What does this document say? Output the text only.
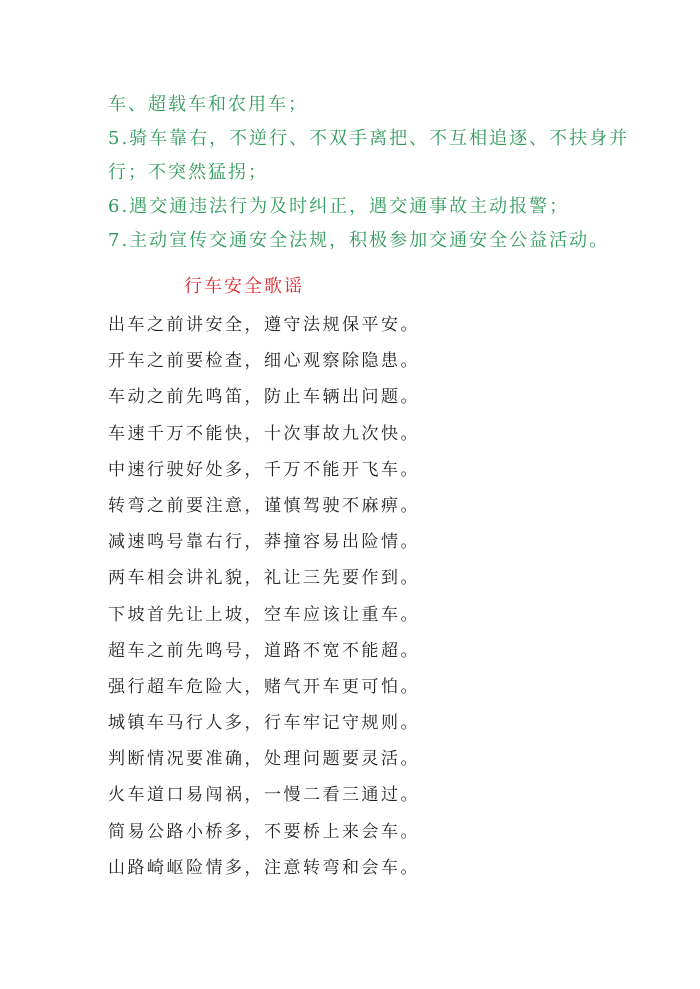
车、超载车和农用车；
5.骑车靠右，不逆行、不双手离把、不互相追逐、不扶身并
行；不突然猛拐；
6.遇交通违法行为及时纠正，遇交通事故主动报警；
7.主动宣传交通安全法规，积极参加交通安全公益活动。
行车安全歌谣
出车之前讲安全，遵守法规保平安。
开车之前要检查，细心观察除隐患。
车动之前先鸣笛，防止车辆出问题。
车速千万不能快，十次事故九次快。
中速行驶好处多，千万不能开飞车。
转弯之前要注意，谨慎驾驶不麻痹。
减速鸣号靠右行，莽撞容易出险情。
两车相会讲礼貌，礼让三先要作到。
下坡首先让上坡，空车应该让重车。
超车之前先鸣号，道路不宽不能超。
强行超车危险大，赌气开车更可怕。
城镇车马行人多，行车牢记守规则。
判断情况要准确，处理问题要灵活。
火车道口易闯祸，一慢二看三通过。
简易公路小桥多，不要桥上来会车。
山路崎岖险情多，注意转弯和会车。
